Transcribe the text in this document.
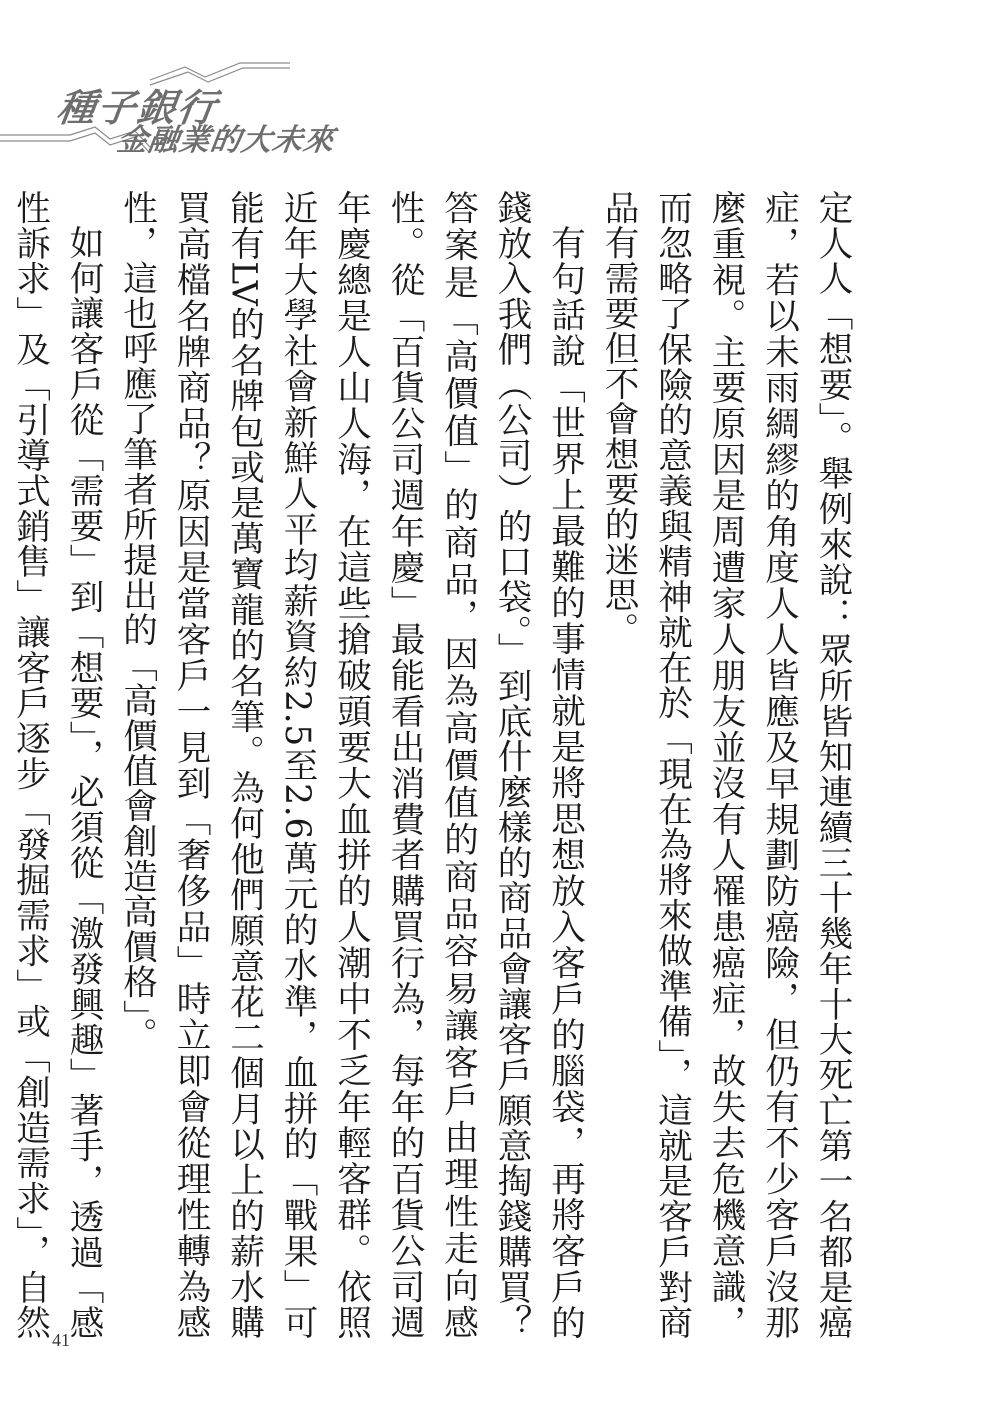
種子銀行
金融業的大未來

定人人「想要」。舉例來說：眾所皆知連續三十幾年十大死亡第一名都是癌症，若以未雨綢繆的角度人人皆應及早規劃防癌險，但仍有不少客戶沒那麼重視。主要原因是周遭家人朋友並沒有人罹患癌症，故失去危機意識，而忽略了保險的意義與精神就在於「現在為將來做準備」，這就是客戶對商品有需要但不會想要的迷思。

有句話說「世界上最難的事情就是將思想放入客戶的腦袋，再將客戶的錢放入我們（公司）的口袋。」到底什麼樣的商品會讓客戶願意掏錢購買？答案是「高價值」的商品，因為高價值的商品容易讓客戶由理性走向感性。從「百貨公司週年慶」最能看出消費者購買行為，每年的百貨公司週年慶總是人山人海，在這些搶破頭要大血拼的人潮中不乏年輕客群。依照近年大學社會新鮮人平均薪資約2.5至2.6萬元的水準，血拼的「戰果」可能有LV的名牌包或是萬寶龍的名筆。為何他們願意花二個月以上的薪水購買高檔名牌商品？原因是當客戶一見到「奢侈品」時立即會從理性轉為感性，這也呼應了筆者所提出的「高價值會創造高價格」。

如何讓客戶從「需要」到「想要」，必須從「激發興趣」著手，透過「感性訴求」及「引導式銷售」讓客戶逐步「發掘需求」或「創造需求」，自然 41
